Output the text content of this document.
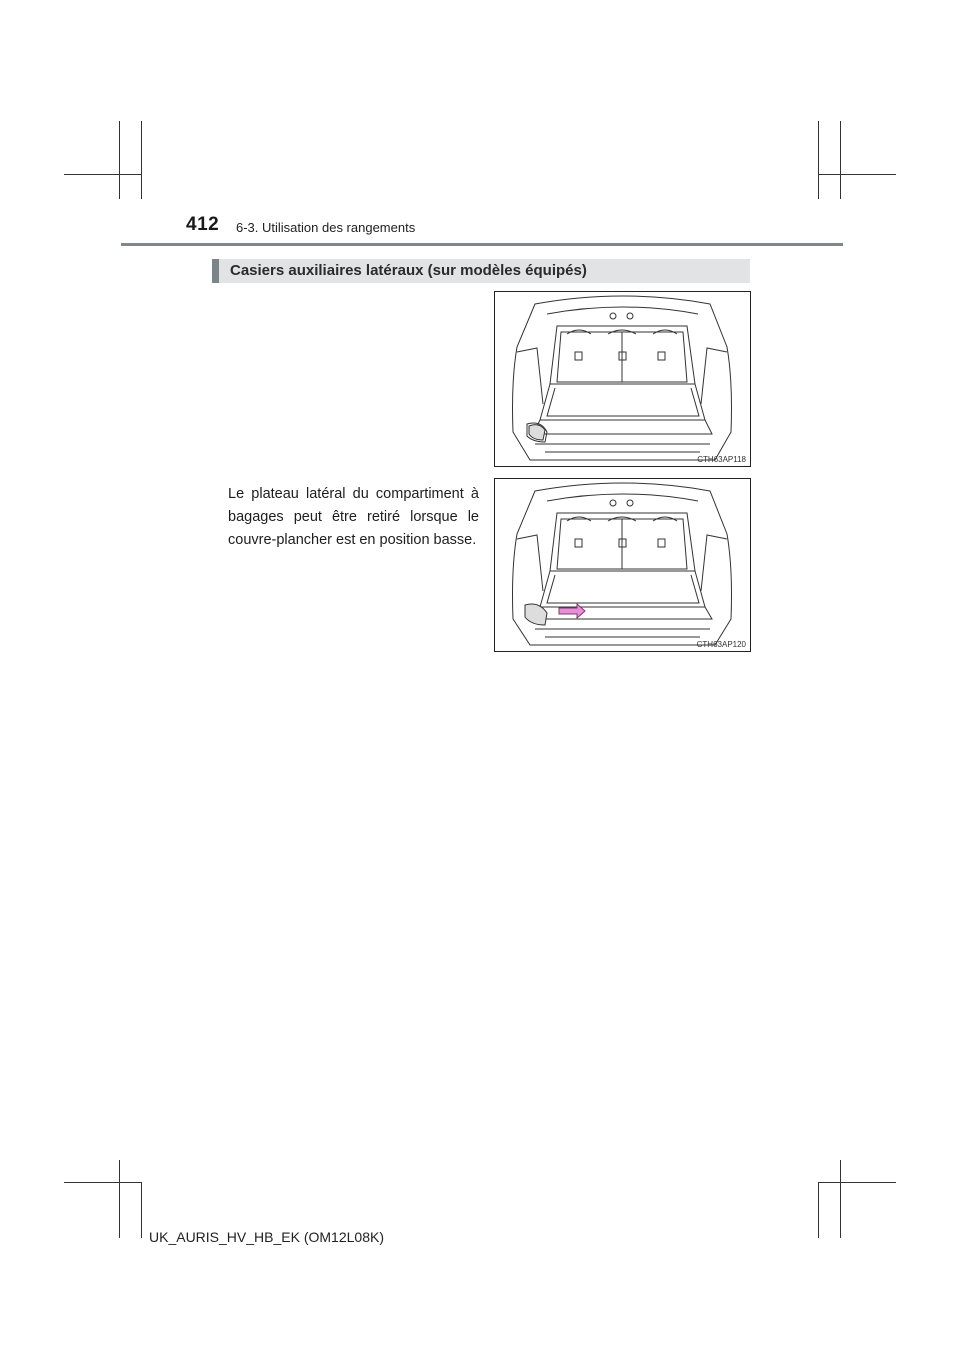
412 6-3. Utilisation des rangements
Casiers auxiliaires latéraux (sur modèles équipés)
CTH63AP118
Le plateau latéral du compartiment à bagages peut être retiré lorsque le couvre-plancher est en position basse.
CTH63AP120
UK_AURIS_HV_HB_EK (OM12L08K)
